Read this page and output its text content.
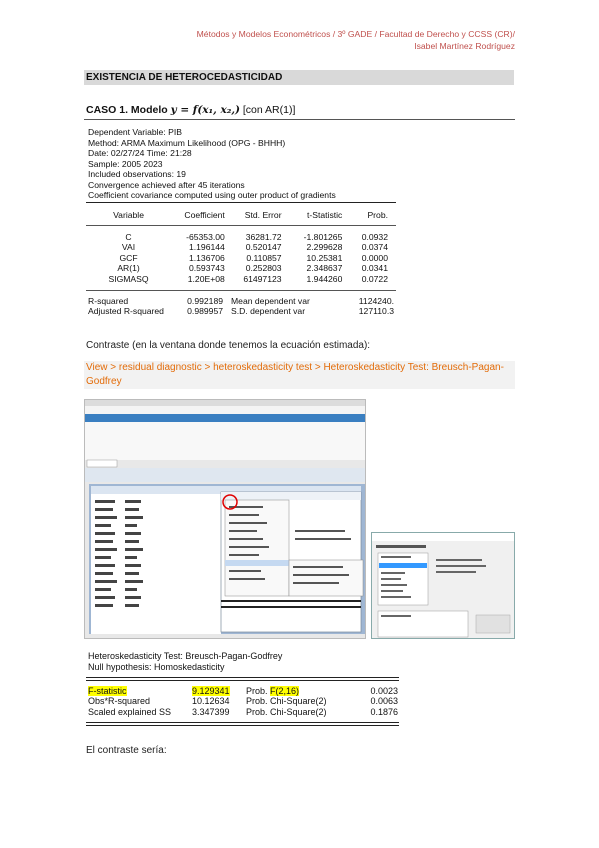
Métodos y Modelos Econométricos / 3º GADE / Facultad de Derecho y CCSS (CR)/
Isabel Martínez Rodríguez
EXISTENCIA DE HETEROCEDASTICIDAD
CASO 1. Modelo y = f(x₁, x₂,) [con AR(1)]
Dependent Variable: PIB
Method: ARMA Maximum Likelihood (OPG - BHHH)
Date: 02/27/24 Time: 21:28
Sample: 2005 2023
Included observations: 19
Convergence achieved after 45 iterations
Coefficient covariance computed using outer product of gradients
Variable	Coefficient	Std. Error	t-Statistic	Prob.
C	-65353.00	36281.72	-1.801265	0.0932
VAI	1.196144	0.520147	2.299628	0.0374
GCF	1.136706	0.110857	10.25381	0.0000
AR(1)	0.593743	0.252803	2.348637	0.0341
SIGMASQ	1.20E+08	61497123	1.944260	0.0722
R-squared	0.992189	Mean dependent var	1124240.
Adjusted R-squared	0.989957	S.D. dependent var	127110.3
Contraste (en la ventana donde tenemos la ecuación estimada):
View > residual diagnostic > heteroskedasticity test > Heteroskedasticity Test: Breusch-Pagan-Godfrey
Heteroskedasticity Test: Breusch-Pagan-Godfrey
Null hypothesis: Homoskedasticity
F-statistic	9.129341	Prob. F(2,16)	0.0023
Obs*R-squared	10.12634	Prob. Chi-Square(2)	0.0063
Scaled explained SS	3.347399	Prob. Chi-Square(2)	0.1876
El contraste sería:
